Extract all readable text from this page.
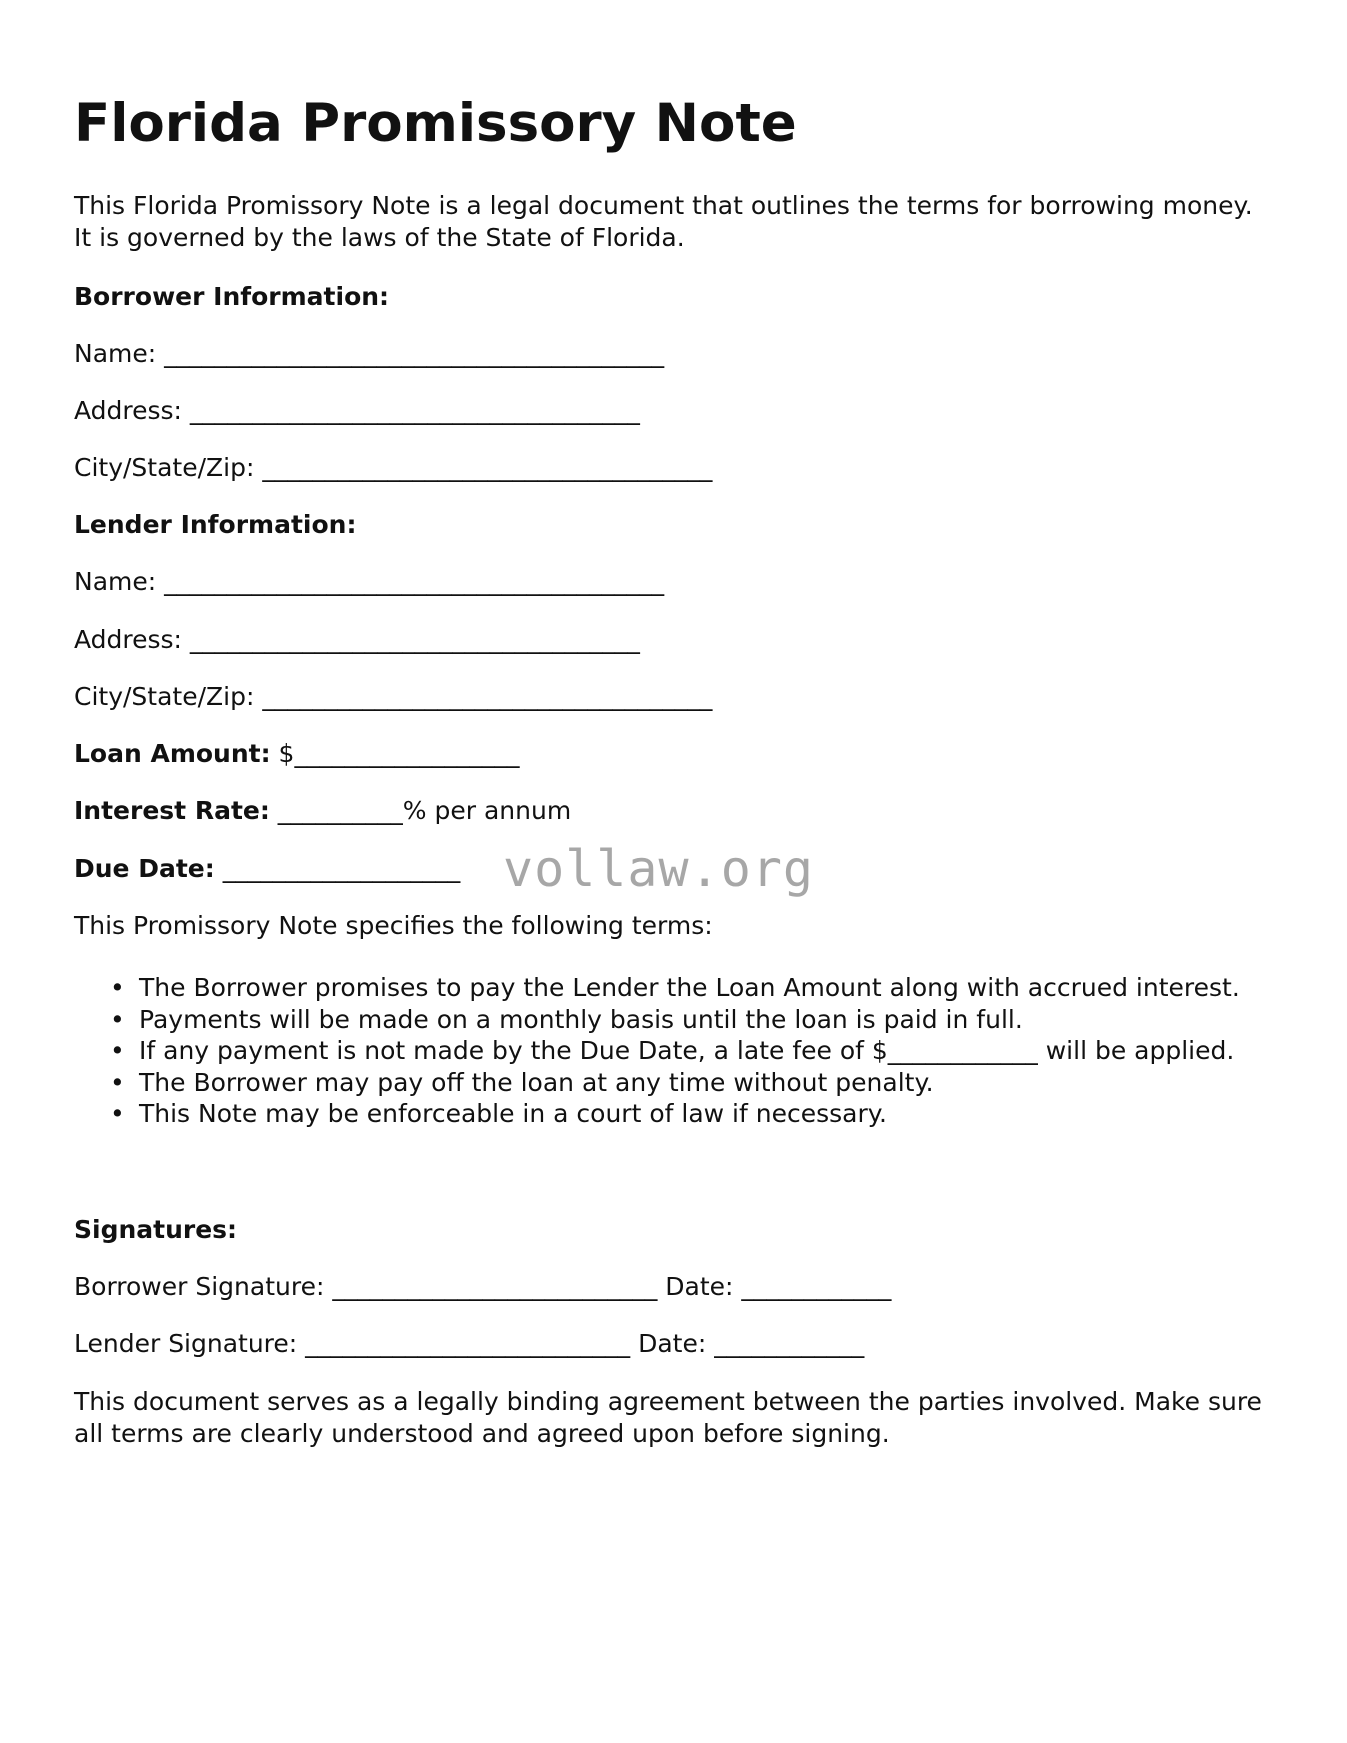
Florida Promissory Note

This Florida Promissory Note is a legal document that outlines the terms for borrowing money. It is governed by the laws of the State of Florida.

Borrower Information:
Name: ________________________________________
Address: ____________________________________
City/State/Zip: ____________________________________
Lender Information:
Name: ________________________________________
Address: ____________________________________
City/State/Zip: ____________________________________
Loan Amount: $__________________
Interest Rate: __________% per annum
Due Date: ___________________
This Promissory Note specifies the following terms:
• The Borrower promises to pay the Lender the Loan Amount along with accrued interest.
• Payments will be made on a monthly basis until the loan is paid in full.
• If any payment is not made by the Due Date, a late fee of $____________ will be applied.
• The Borrower may pay off the loan at any time without penalty.
• This Note may be enforceable in a court of law if necessary.
Signatures:
Borrower Signature: __________________________ Date: ____________
Lender Signature: __________________________ Date: ____________

This document serves as a legally binding agreement between the parties involved. Make sure all terms are clearly understood and agreed upon before signing.

vollaw.org
